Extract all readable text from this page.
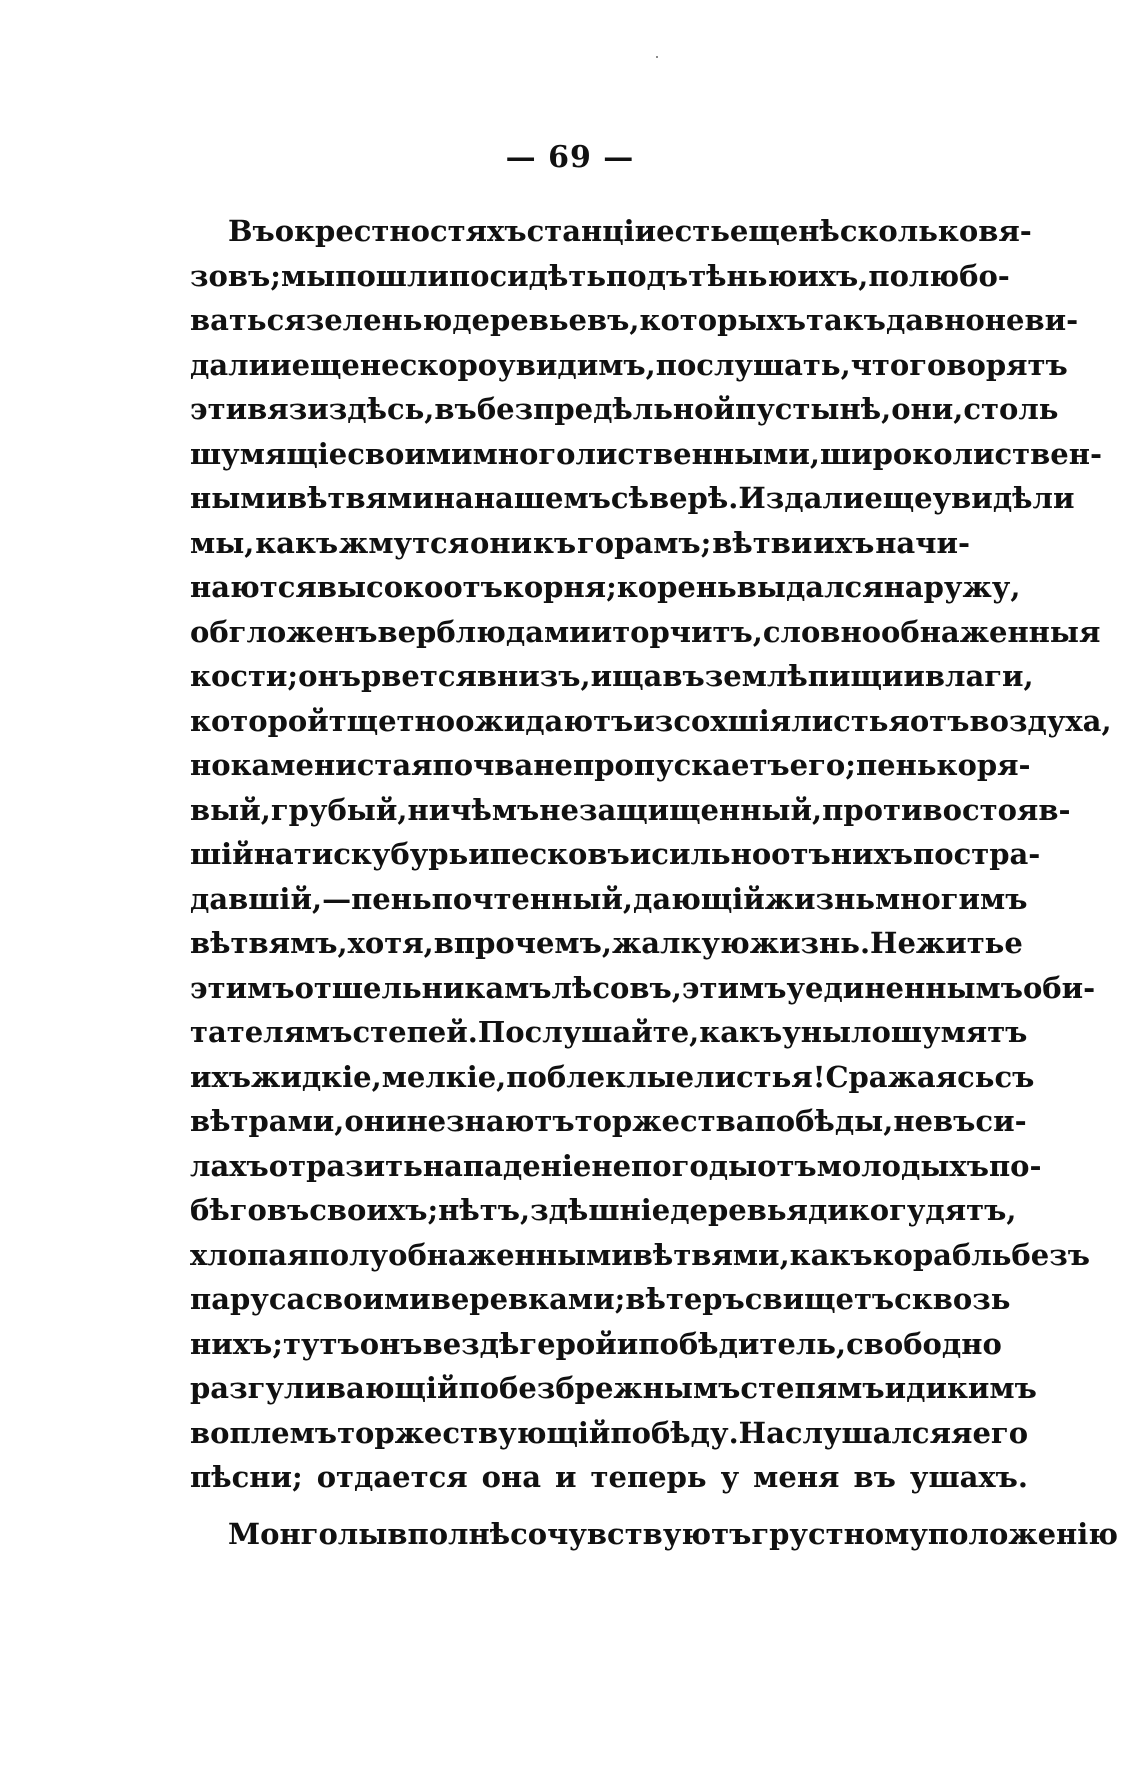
— 69 —
Въ окрестностяхъ станціи есть еще нѣсколько вя-
зовъ; мы пошли посидѣть подъ тѣнью ихъ, полюбо-
ваться зеленью деревьевъ, которыхъ такъ давно неви-
дали и еще не скоро увидимъ, послушать, что говорятъ
эти вязи здѣсь, въ безпредѣльной пустынѣ, они, столь
шумящіе своими многолиственными, широколиствен-
ными вѣтвями на нашемъ сѣверѣ. Издали еще увидѣли
мы, какъ жмутся они къ горамъ; вѣтви ихъ начи-
наются высоко отъ корня; корень выдался наружу,
обгложенъ верблюдами и торчитъ, словно обнаженныя
кости; онъ рвется внизъ, ища въ землѣ пищи и влаги,
которой тщетно ожидаютъ изсохшія листья отъ воздуха,
но каменистая почва не пропускаетъ его; пень коря-
вый, грубый, ни чѣмъ не защищенный, противостояв-
шій натиску бурь и песковъ и сильно отъ нихъ постра-
давшій, — пень почтенный, дающій жизнь многимъ
вѣтвямъ, хотя, впрочемъ, жалкую жизнь. Не житье
этимъ отшельникамъ лѣсовъ, этимъ уединеннымъ оби-
тателямъ степей. Послушайте, какъ уныло шумятъ
ихъ жидкіе, мелкіе, поблеклые листья! Сражаясь съ
вѣтрами, они не знаютъ торжества побѣды, не въ си-
лахъ отразить нападеніе непогоды отъ молодыхъ по-
бѣговъ своихъ; нѣтъ, здѣшніе деревья дико гудятъ,
хлопая полуобнаженными вѣтвями, какъ корабль безъ
паруса своими веревками; вѣтеръ свищетъ сквозь
нихъ; тутъ онъ вездѣ герой и побѣдитель, свободно
разгуливающій по безбрежнымъ степямъ и дикимъ
воплемъ торжествующій побѣду. Наслушался я его
пѣсни; отдается она и теперь у меня въ ушахъ.
Монголы вполнѣ сочувствуютъ грустному положенію
